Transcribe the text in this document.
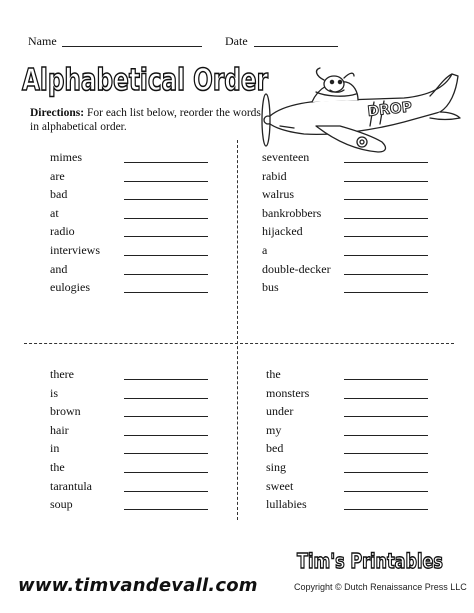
Name	Date
Alphabetical Order
Directions: For each list below, reorder the words in alphabetical order.
DROP
mimes
are
bad
at
radio
interviews
and
eulogies
seventeen
rabid
walrus
bankrobbers
hijacked
a
double-decker
bus
there
is
brown
hair
in
the
tarantula
soup
the
monsters
under
my
bed
sing
sweet
lullabies
Tim's Printables
www.timvandevall.com	Copyright © Dutch Renaissance Press LLC
